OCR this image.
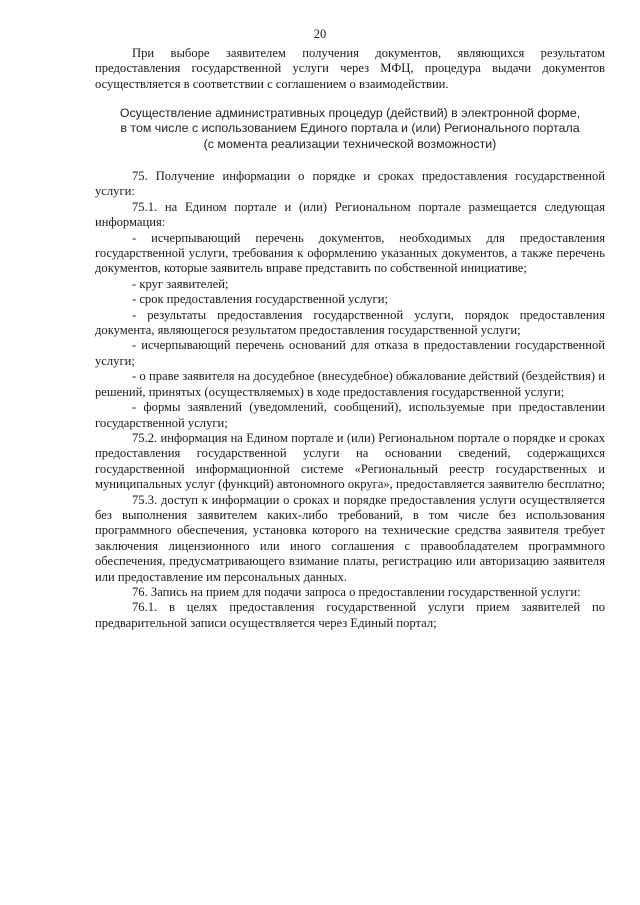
20

При выборе заявителем получения документов, являющихся результатом предоставления государственной услуги через МФЦ, процедура выдачи документов осуществляется в соответствии с соглашением о взаимодействии.

Осуществление административных процедур (действий) в электронной форме,
в том числе с использованием Единого портала и (или) Регионального портала
(с момента реализации технической возможности)

75. Получение информации о порядке и сроках предоставления государственной услуги:

75.1. на Едином портале и (или) Региональном портале размещается следующая информация:

- исчерпывающий перечень документов, необходимых для предоставления государственной услуги, требования к оформлению указанных документов, а также перечень документов, которые заявитель вправе представить по собственной инициативе;

- круг заявителей;

- срок предоставления государственной услуги;

- результаты предоставления государственной услуги, порядок предоставления документа, являющегося результатом предоставления государственной услуги;

- исчерпывающий перечень оснований для отказа в предоставлении государственной услуги;

- о праве заявителя на досудебное (внесудебное) обжалование действий (бездействия) и решений, принятых (осуществляемых) в ходе предоставления государственной услуги;

- формы заявлений (уведомлений, сообщений), используемые при предоставлении государственной услуги;

75.2. информация на Едином портале и (или) Региональном портале о порядке и сроках предоставления государственной услуги на основании сведений, содержащихся государственной информационной системе «Региональный реестр государственных и муниципальных услуг (функций) автономного округа», предоставляется заявителю бесплатно;

75.3. доступ к информации о сроках и порядке предоставления услуги осуществляется без выполнения заявителем каких-либо требований, в том числе без использования программного обеспечения, установка которого на технические средства заявителя требует заключения лицензионного или иного соглашения с правообладателем программного обеспечения, предусматривающего взимание платы, регистрацию или авторизацию заявителя или предоставление им персональных данных.

76. Запись на прием для подачи запроса о предоставлении государственной услуги:

76.1. в целях предоставления государственной услуги прием заявителей по предварительной записи осуществляется через Единый портал;
